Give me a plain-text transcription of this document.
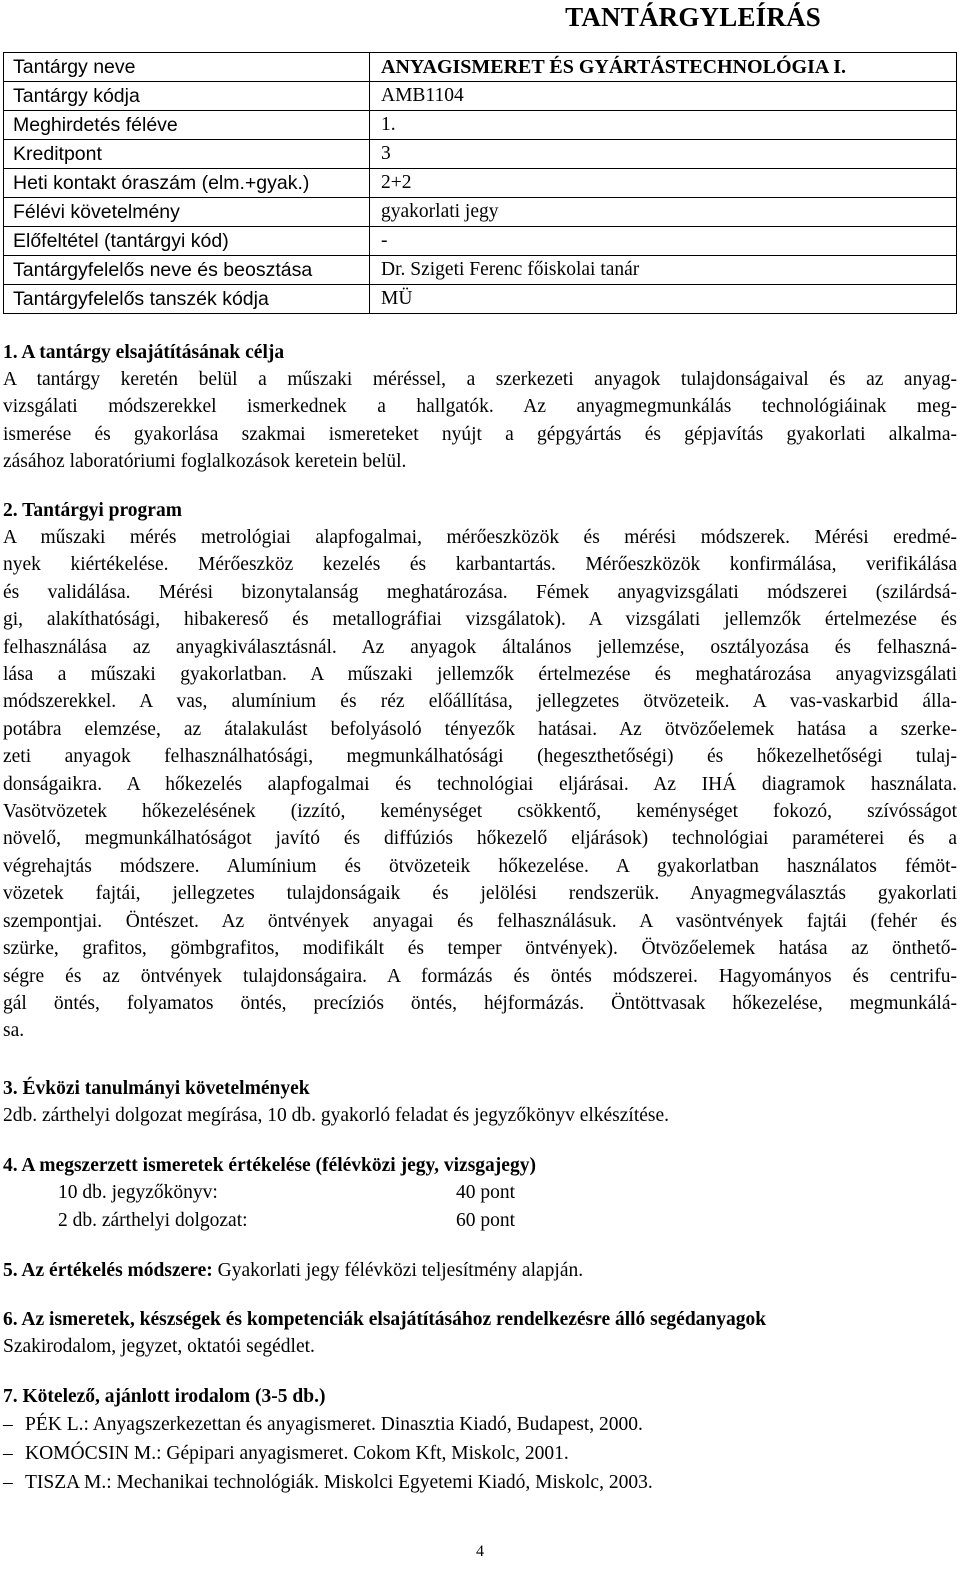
TANTÁRGYLEÍRÁS
Tantárgy neve	ANYAGISMERET ÉS GYÁRTÁSTECHNOLÓGIA I.
Tantárgy kódja	AMB1104
Meghirdetés féléve	1.
Kreditpont	3
Heti kontakt óraszám (elm.+gyak.)	2+2
Félévi követelmény	gyakorlati jegy
Előfeltétel (tantárgyi kód)	-
Tantárgyfelelős neve és beosztása	Dr. Szigeti Ferenc főiskolai tanár
Tantárgyfelelős tanszék kódja	MÜ
1. A tantárgy elsajátításának célja
A tantárgy keretén belül a műszaki méréssel, a szerkezeti anyagok tulajdonságaival és az anyag-
vizsgálati módszerekkel ismerkednek a hallgatók. Az anyagmegmunkálás technológiáinak meg-
ismerése és gyakorlása szakmai ismereteket nyújt a gépgyártás és gépjavítás gyakorlati alkalma-
zásához laboratóriumi foglalkozások keretein belül.
2. Tantárgyi program
A műszaki mérés metrológiai alapfogalmai, mérőeszközök és mérési módszerek. Mérési eredmé-
nyek kiértékelése. Mérőeszköz kezelés és karbantartás. Mérőeszközök konfirmálása, verifikálása
és validálása. Mérési bizonytalanság meghatározása. Fémek anyagvizsgálati módszerei (szilárdsá-
gi, alakíthatósági, hibakereső és metallográfiai vizsgálatok). A vizsgálati jellemzők értelmezése és
felhasználása az anyagkiválasztásnál. Az anyagok általános jellemzése, osztályozása és felhaszná-
lása a műszaki gyakorlatban. A műszaki jellemzők értelmezése és meghatározása anyagvizsgálati
módszerekkel. A vas, alumínium és réz előállítása, jellegzetes ötvözeteik. A vas-vaskarbid álla-
potábra elemzése, az átalakulást befolyásoló tényezők hatásai. Az ötvözőelemek hatása a szerke-
zeti anyagok felhasználhatósági, megmunkálhatósági (hegeszthetőségi) és hőkezelhetőségi tulaj-
donságaikra. A hőkezelés alapfogalmai és technológiai eljárásai. Az IHÁ diagramok használata.
Vasötvözetek hőkezelésének (izzító, keménységet csökkentő, keménységet fokozó, szívósságot
növelő, megmunkálhatóságot javító és diffúziós hőkezelő eljárások) technológiai paraméterei és a
végrehajtás módszere. Alumínium és ötvözeteik hőkezelése. A gyakorlatban használatos fémöt-
vözetek fajtái, jellegzetes tulajdonságaik és jelölési rendszerük. Anyagmegválasztás gyakorlati
szempontjai. Öntészet. Az öntvények anyagai és felhasználásuk. A vasöntvények fajtái (fehér és
szürke, grafitos, gömbgrafitos, modifikált és temper öntvények). Ötvözőelemek hatása az önthető-
ségre és az öntvények tulajdonságaira. A formázás és öntés módszerei. Hagyományos és centrifu-
gál öntés, folyamatos öntés, precíziós öntés, héjformázás. Öntöttvasak hőkezelése, megmunkálá-
sa.
3. Évközi tanulmányi követelmények
2db. zárthelyi dolgozat megírása, 10 db. gyakorló feladat és jegyzőkönyv elkészítése.
4. A megszerzett ismeretek értékelése (félévközi jegy, vizsgajegy)
10 db. jegyzőkönyv:	40 pont
2 db. zárthelyi dolgozat:	60 pont
5. Az értékelés módszere: Gyakorlati jegy félévközi teljesítmény alapján.
6. Az ismeretek, készségek és kompetenciák elsajátításához rendelkezésre álló segédanyagok
Szakirodalom, jegyzet, oktatói segédlet.
7. Kötelező, ajánlott irodalom (3-5 db.)
– PÉK L.: Anyagszerkezettan és anyagismeret. Dinasztia Kiadó, Budapest, 2000.
– KOMÓCSIN M.: Gépipari anyagismeret. Cokom Kft, Miskolc, 2001.
– TISZA M.: Mechanikai technológiák. Miskolci Egyetemi Kiadó, Miskolc, 2003.
4
